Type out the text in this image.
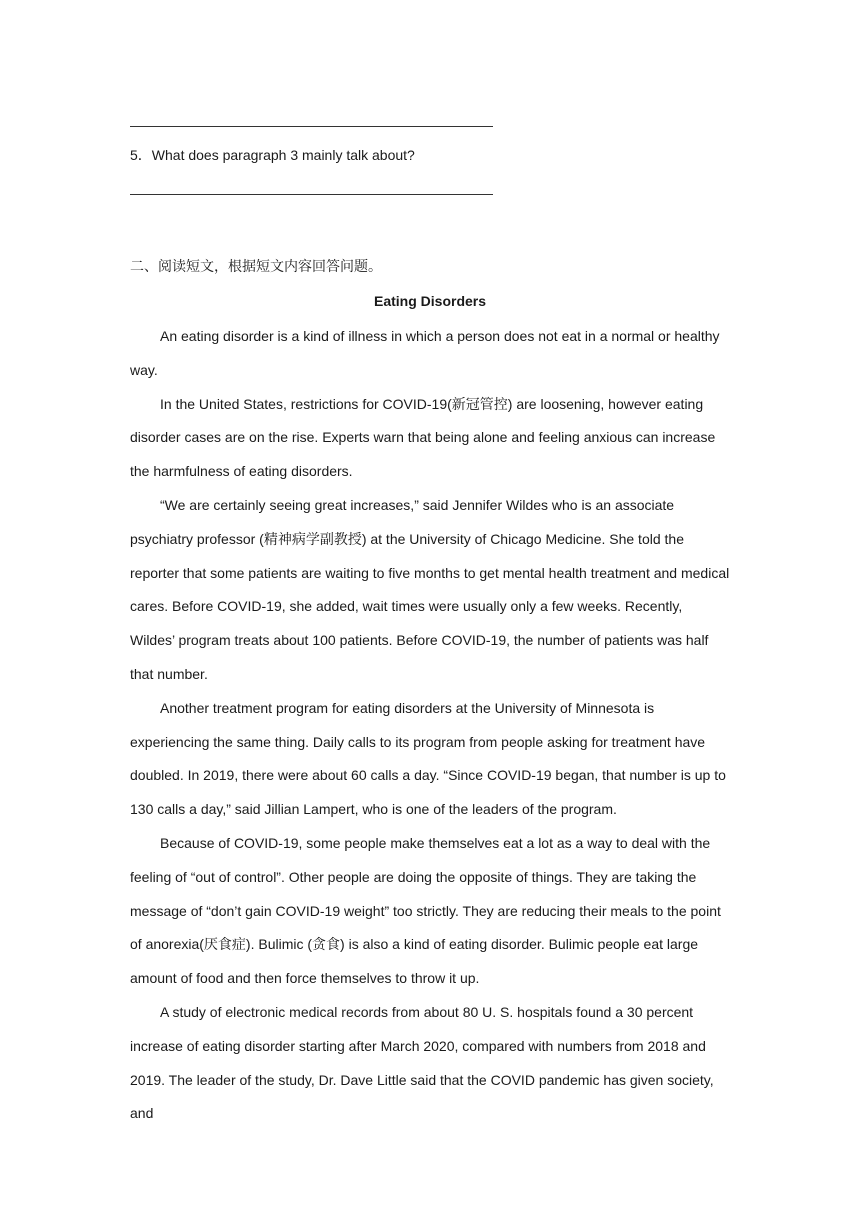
5．What does paragraph 3 mainly talk about?
二、阅读短文，根据短文内容回答问题。
Eating Disorders

An eating disorder is a kind of illness in which a person does not eat in a normal or healthy way.

In the United States, restrictions for COVID-19(新冠管控) are loosening, however eating disorder cases are on the rise. Experts warn that being alone and feeling anxious can increase the harmfulness of eating disorders.

“We are certainly seeing great increases,” said Jennifer Wildes who is an associate psychiatry professor (精神病学副教授) at the University of Chicago Medicine. She told the reporter that some patients are waiting to five months to get mental health treatment and medical cares. Before COVID-19, she added, wait times were usually only a few weeks. Recently, Wildes’ program treats about 100 patients. Before COVID-19, the number of patients was half that number.

Another treatment program for eating disorders at the University of Minnesota is experiencing the same thing. Daily calls to its program from people asking for treatment have doubled. In 2019, there were about 60 calls a day. “Since COVID-19 began, that number is up to 130 calls a day,” said Jillian Lampert, who is one of the leaders of the program.

Because of COVID-19, some people make themselves eat a lot as a way to deal with the feeling of “out of control”. Other people are doing the opposite of things. They are taking the message of “don’t gain COVID-19 weight” too strictly. They are reducing their meals to the point of anorexia(厌食症). Bulimic (贪食) is also a kind of eating disorder. Bulimic people eat large amount of food and then force themselves to throw it up.

A study of electronic medical records from about 80 U. S. hospitals found a 30 percent increase of eating disorder starting after March 2020, compared with numbers from 2018 and 2019. The leader of the study, Dr. Dave Little said that the COVID pandemic has given society, and
